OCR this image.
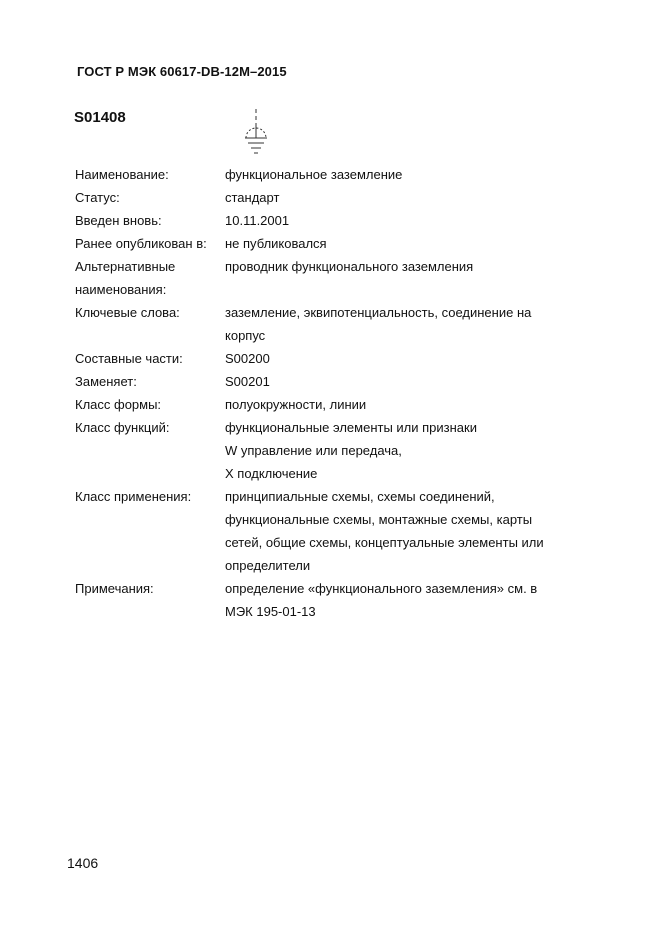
ГОСТ Р МЭК 60617-DB-12M–2015
S01408
Наименование:	функциональное заземление
Статус:	стандарт
Введен вновь:	10.11.2001
Ранее опубликован в:	не публиковался
Альтернативные наименования:
проводник функционального заземления
Ключевые слова:	заземление, эквипотенциальность, соединение на
корпус
Составные части:	S00200
Заменяет:	S00201
Класс формы:	полуокружности, линии
Класс функций:	функциональные элементы или признаки
W управление или передача,
X подключение
Класс применения:	принципиальные схемы, схемы соединений,
функциональные схемы, монтажные схемы, карты
сетей, общие схемы, концептуальные элементы или
определители
Примечания:	определение «функционального заземления» см. в
МЭК 195-01-13
1406
